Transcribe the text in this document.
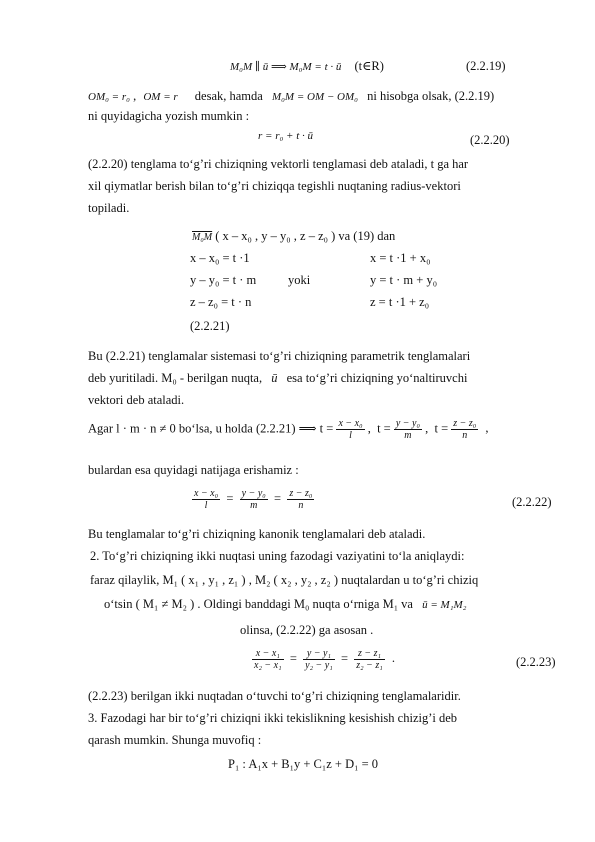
M₀M ∥ ū ⟹ M₀M = t · ū (t∈R)	(2.2.19)
OM₀ = r₀ , OM = r desak, hamda M₀M = OM − OM₀ ni hisobga olsak, (2.2.19)
ni quyidagicha yozish mumkin :
r = r₀ + t · ū	(2.2.20)
(2.2.20) tenglama to‘g’ri chiziqning vektorli tenglamasi deb ataladi, t ga har
xil qiymatlar berish bilan to‘g’ri chiziqqa tegishli nuqtaning radius-vektori
topiladi.
M₀M ( x – x₀ , y – y₀ , z – z₀ ) va (19) dan
x – x₀ = t ·1	x = t ·1 + x₀
y – y₀ = t · m	yoki	y = t · m + y₀
z – z₀ = t · n	z = t ·1 + z₀
(2.2.21)
Bu (2.2.21) tenglamalar sistemasi to‘g’ri chiziqning parametrik tenglamalari
deb yuritiladi. M₀ - berilgan nuqta, ū esa to‘g’ri chiziqning yo‘naltiruvchi
vektori deb ataladi.
Agar l · m · n ≠ 0 bo‘lsa, u holda (2.2.21) ⟹ $t = \frac{\text{x − x₀}}{l}$ ,  $t = \frac{\text{y − y₀}}{m}$ ,  $t = \frac{\text{z − z₀}}{n}$ ,
bulardan esa quyidagi natijaga erishamiz :
$\frac{\text{x − x₀}}{l} = \frac{\text{y − y₀}}{m} = \frac{\text{z − z₀}}{n}$	(2.2.22)
Bu tenglamalar to‘g’ri chiziqning kanonik tenglamalari deb ataladi.
2. To‘g’ri chiziqning ikki nuqtasi uning fazodagi vaziyatini to‘la aniqlaydi:
faraz qilaylik, M₁ ( x₁ , y₁ , z₁ ) , M₂ ( x₂ , y₂ , z₂ ) nuqtalardan u to‘g’ri chiziq
o‘tsin ( M₁ ≠ M₂ ) . Oldingi banddagi M₀ nuqta o‘rniga M₁ va ū = M₁M₂
olinsa, (2.2.22) ga asosan .
$\frac{\text{x − x₁}}{\text{x₂ − x₁}} = \frac{\text{y − y₁}}{\text{y₂ − y₁}} = \frac{\text{z − z₁}}{\text{z₂ − z₁}}$ .	(2.2.23)
(2.2.23) berilgan ikki nuqtadan o‘tuvchi to‘g’ri chiziqning tenglamalaridir.
3. Fazodagi har bir to‘g’ri chiziqni ikki tekislikning kesishish chizig’i deb
qarash mumkin. Shunga muvofiq :
P₁ : A₁x + B₁y + C₁z + D₁ = 0
